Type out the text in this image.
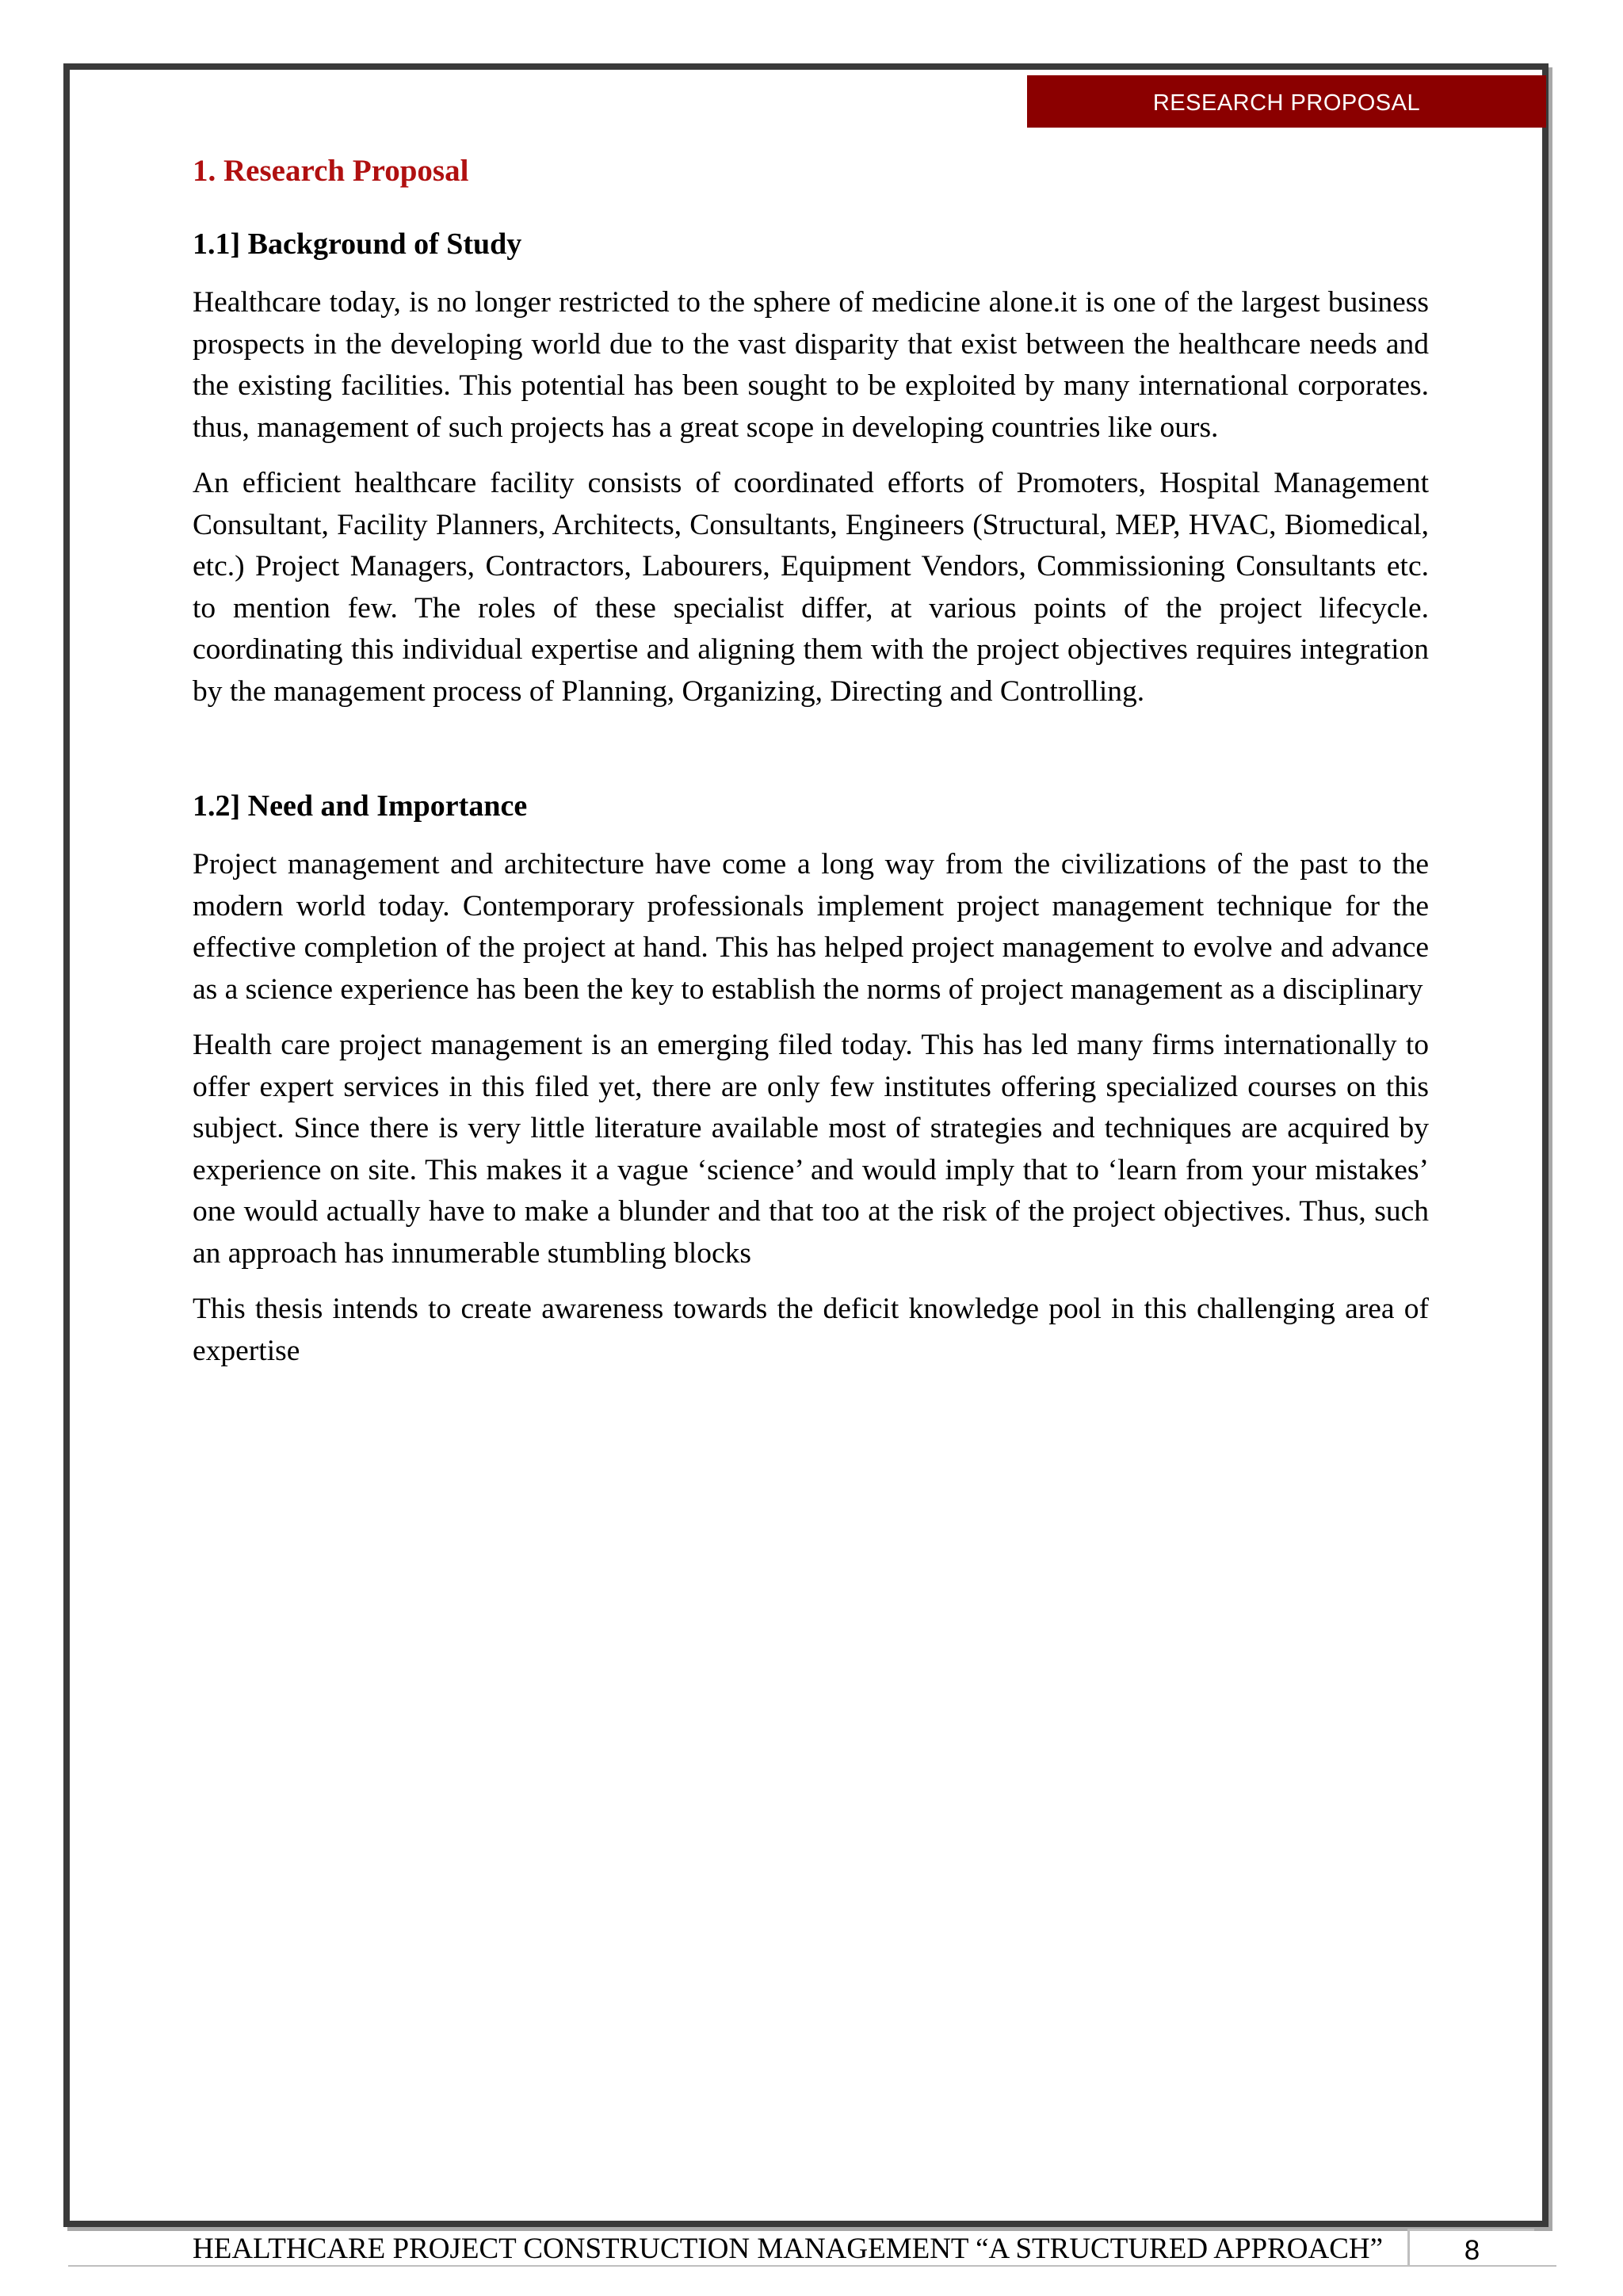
RESEARCH PROPOSAL
1. Research Proposal
1.1] Background of Study

Healthcare today, is no longer restricted to the sphere of medicine alone.it is one of the largest business prospects in the developing world due to the vast disparity that exist between the healthcare needs and the existing facilities. This potential has been sought to be exploited by many international corporates. thus, management of such projects has a great scope in developing countries like ours.

An efficient healthcare facility consists of coordinated efforts of Promoters, Hospital Management Consultant, Facility Planners, Architects, Consultants, Engineers (Structural, MEP, HVAC, Biomedical, etc.) Project Managers, Contractors, Labourers, Equipment Vendors, Commissioning Consultants etc. to mention few. The roles of these specialist differ, at various points of the project lifecycle. coordinating this individual expertise and aligning them with the project objectives requires integration by the management process of Planning, Organizing, Directing and Controlling.

1.2] Need and Importance

Project management and architecture have come a long way from the civilizations of the past to the modern world today. Contemporary professionals implement project management technique for the effective completion of the project at hand. This has helped project management to evolve and advance as a science experience has been the key to establish the norms of project management as a disciplinary

Health care project management is an emerging filed today. This has led many firms internationally to offer expert services in this filed yet, there are only few institutes offering specialized courses on this subject. Since there is very little literature available most of strategies and techniques are acquired by experience on site. This makes it a vague ‘science’ and would imply that to ‘learn from your mistakes’ one would actually have to make a blunder and that too at the risk of the project objectives. Thus, such an approach has innumerable stumbling blocks

This thesis intends to create awareness towards the deficit knowledge pool in this challenging area of expertise

HEALTHCARE PROJECT CONSTRUCTION MANAGEMENT “A STRUCTURED APPROACH”	8
